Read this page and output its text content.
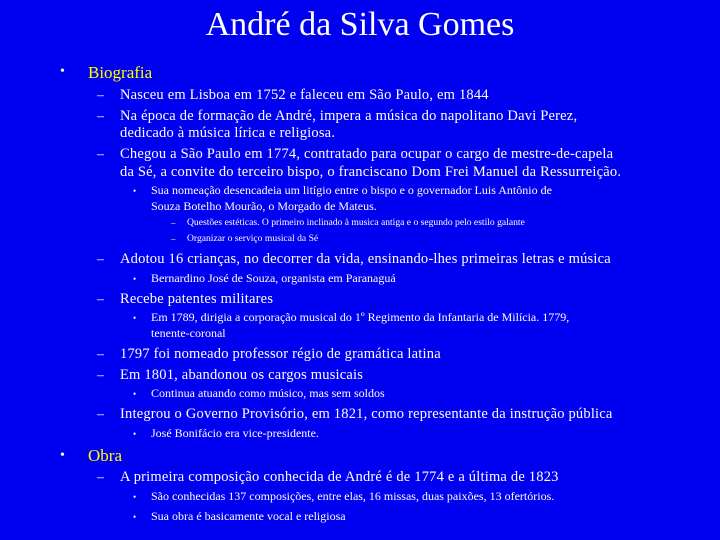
André da Silva Gomes
• Biografia
– Nasceu em Lisboa em 1752 e faleceu em São Paulo, em 1844
– Na época de formação de André, impera a música do napolitano Davi Perez,
dedicado à música lírica e religiosa.
– Chegou a São Paulo em 1774, contratado para ocupar o cargo de mestre-de-capela
da Sé, a convite do terceiro bispo, o franciscano Dom Frei Manuel da Ressurreição.
• Sua nomeação desencadeia um litígio entre o bispo e o governador Luis Antônio de
Souza Botelho Mourão, o Morgado de Mateus.
– Questões estéticas. O primeiro inclinado à musica antiga e o segundo pelo estilo galante
– Organizar o serviço musical da Sé
– Adotou 16 crianças, no decorrer da vida, ensinando-lhes primeiras letras e música
• Bernardino José de Souza, organista em Paranaguá
– Recebe patentes militares
• Em 1789, dirigia a corporação musical do 1º Regimento da Infantaria de Milícia. 1779,
tenente-coronal
– 1797 foi nomeado professor régio de gramática latina
– Em 1801, abandonou os cargos musicais
• Continua atuando como músico, mas sem soldos
– Integrou o Governo Provisório, em 1821, como representante da instrução pública
• José Bonifácio era vice-presidente.
• Obra
– A primeira composição conhecida de André é de 1774 e a última de 1823
• São conhecidas 137 composições, entre elas, 16 missas, duas paixões, 13 ofertórios.
• Sua obra é basicamente vocal e religiosa
